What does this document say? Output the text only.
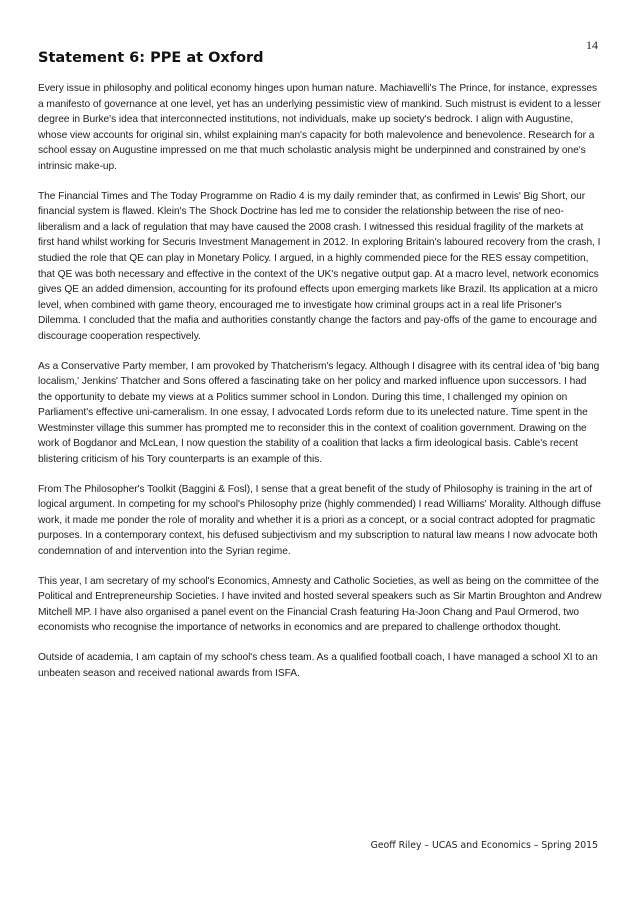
14
Statement 6: PPE at Oxford

Every issue in philosophy and political economy hinges upon human nature. Machiavelli's The Prince, for instance, expresses a manifesto of governance at one level, yet has an underlying pessimistic view of mankind. Such mistrust is evident to a lesser degree in Burke's idea that interconnected institutions, not individuals, make up society's bedrock. I align with Augustine, whose view accounts for original sin, whilst explaining man's capacity for both malevolence and benevolence. Research for a school essay on Augustine impressed on me that much scholastic analysis might be underpinned and constrained by one's intrinsic make-up.

The Financial Times and The Today Programme on Radio 4 is my daily reminder that, as confirmed in Lewis' Big Short, our financial system is flawed. Klein's The Shock Doctrine has led me to consider the relationship between the rise of neo-liberalism and a lack of regulation that may have caused the 2008 crash. I witnessed this residual fragility of the markets at first hand whilst working for Securis Investment Management in 2012. In exploring Britain's laboured recovery from the crash, I studied the role that QE can play in Monetary Policy. I argued, in a highly commended piece for the RES essay competition, that QE was both necessary and effective in the context of the UK's negative output gap. At a macro level, network economics gives QE an added dimension, accounting for its profound effects upon emerging markets like Brazil. Its application at a micro level, when combined with game theory, encouraged me to investigate how criminal groups act in a real life Prisoner's Dilemma. I concluded that the mafia and authorities constantly change the factors and pay-offs of the game to encourage and discourage cooperation respectively.

As a Conservative Party member, I am provoked by Thatcherism's legacy. Although I disagree with its central idea of 'big bang localism,' Jenkins' Thatcher and Sons offered a fascinating take on her policy and marked influence upon successors. I had the opportunity to debate my views at a Politics summer school in London. During this time, I challenged my opinion on Parliament's effective uni-cameralism. In one essay, I advocated Lords reform due to its unelected nature. Time spent in the Westminster village this summer has prompted me to reconsider this in the context of coalition government. Drawing on the work of Bogdanor and McLean, I now question the stability of a coalition that lacks a firm ideological basis. Cable's recent blistering criticism of his Tory counterparts is an example of this.

From The Philosopher's Toolkit (Baggini & Fosl), I sense that a great benefit of the study of Philosophy is training in the art of logical argument. In competing for my school's Philosophy prize (highly commended) I read Williams' Morality. Although diffuse work, it made me ponder the role of morality and whether it is a priori as a concept, or a social contract adopted for pragmatic purposes. In a contemporary context, his defused subjectivism and my subscription to natural law means I now advocate both condemnation of and intervention into the Syrian regime.

This year, I am secretary of my school's Economics, Amnesty and Catholic Societies, as well as being on the committee of the Political and Entrepreneurship Societies. I have invited and hosted several speakers such as Sir Martin Broughton and Andrew Mitchell MP. I have also organised a panel event on the Financial Crash featuring Ha-Joon Chang and Paul Ormerod, two economists who recognise the importance of networks in economics and are prepared to challenge orthodox thought.

Outside of academia, I am captain of my school's chess team. As a qualified football coach, I have managed a school XI to an unbeaten season and received national awards from ISFA.

Geoff Riley – UCAS and Economics – Spring 2015
